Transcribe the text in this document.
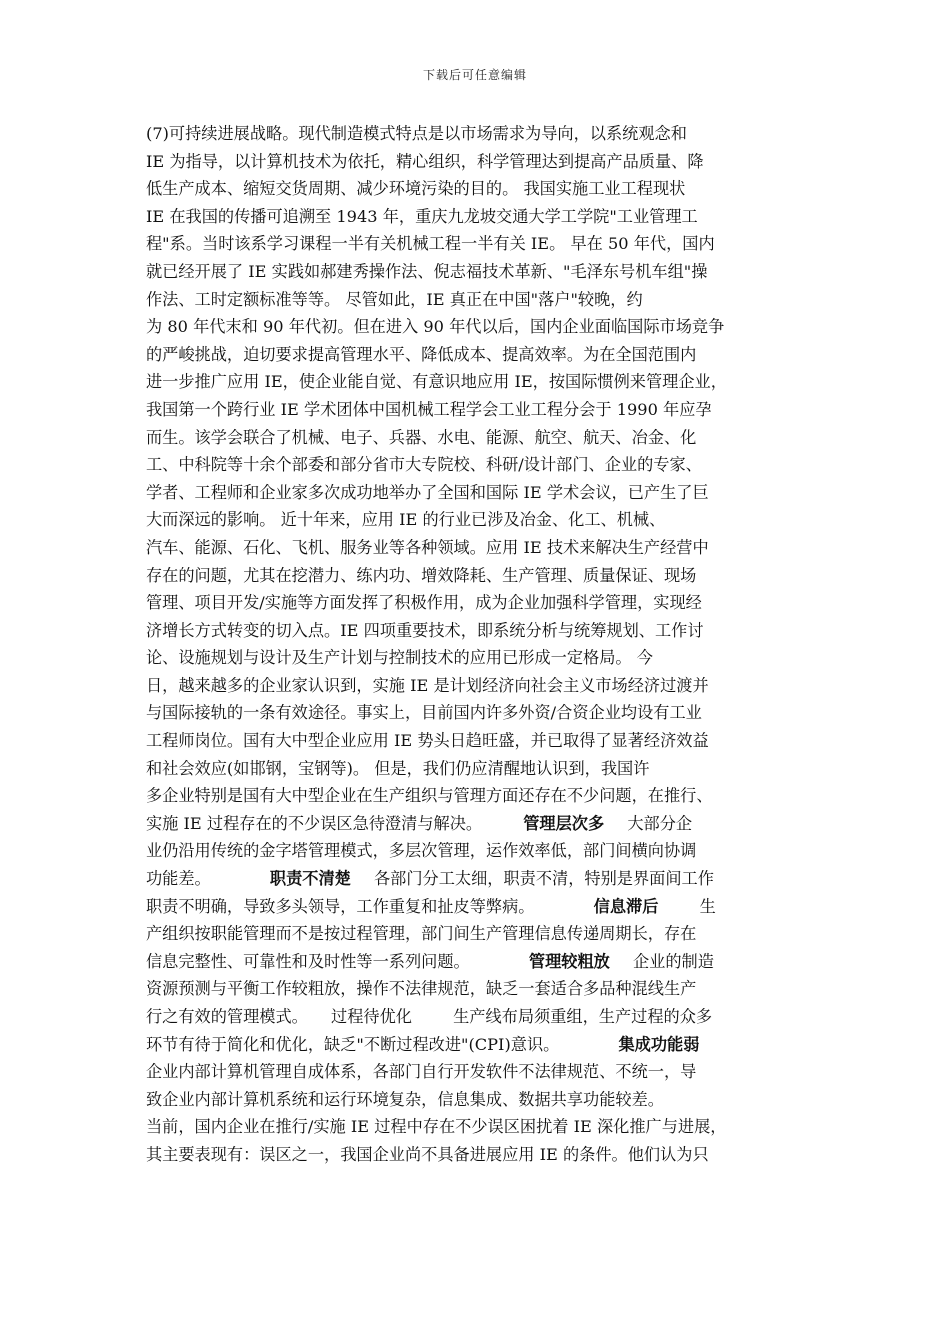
下载后可任意编辑
(7)可持续进展战略。现代制造模式特点是以市场需求为导向，以系统观念和
IE 为指导，以计算机技术为依托，精心组织，科学管理达到提高产品质量、降
低生产成本、缩短交货周期、减少环境污染的目的。 我国实施工业工程现状
IE 在我国的传播可追溯至 1943 年，重庆九龙坡交通大学工学院"工业管理工
程"系。当时该系学习课程一半有关机械工程一半有关 IE。 早在 50 年代，国内
就已经开展了 IE 实践如郝建秀操作法、倪志福技术革新、"毛泽东号机车组"操
作法、工时定额标准等等。 尽管如此，IE 真正在中国"落户"较晚，约
为 80 年代末和 90 年代初。但在进入 90 年代以后，国内企业面临国际市场竞争
的严峻挑战，迫切要求提高管理水平、降低成本、提高效率。为在全国范围内
进一步推广应用 IE，使企业能自觉、有意识地应用 IE，按国际惯例来管理企业，
我国第一个跨行业 IE 学术团体中国机械工程学会工业工程分会于 1990 年应孕
而生。该学会联合了机械、电子、兵器、水电、能源、航空、航天、冶金、化
工、中科院等十余个部委和部分省市大专院校、科研/设计部门、企业的专家、
学者、工程师和企业家多次成功地举办了全国和国际 IE 学术会议，已产生了巨
大而深远的影响。 近十年来，应用 IE 的行业已涉及冶金、化工、机械、
汽车、能源、石化、飞机、服务业等各种领域。应用 IE 技术来解决生产经营中
存在的问题，尤其在挖潜力、练内功、增效降耗、生产管理、质量保证、现场
管理、项目开发/实施等方面发挥了积极作用，成为企业加强科学管理，实现经
济增长方式转变的切入点。IE 四项重要技术，即系统分析与统筹规划、工作讨
论、设施规划与设计及生产计划与控制技术的应用已形成一定格局。 今
日，越来越多的企业家认识到，实施 IE 是计划经济向社会主义市场经济过渡并
与国际接轨的一条有效途径。事实上，目前国内许多外资/合资企业均设有工业
工程师岗位。国有大中型企业应用 IE 势头日趋旺盛，并已取得了显著经济效益
和社会效应(如邯钢，宝钢等)。 但是，我们仍应清醒地认识到，我国许
多企业特别是国有大中型企业在生产组织与管理方面还存在不少问题，在推行、
实施 IE 过程存在的不少误区急待澄清与解决。	管理层次多 大部分企
业仍沿用传统的金字塔管理模式，多层次管理，运作效率低，部门间横向协调
功能差。	职责不清楚 各部门分工太细，职责不清，特别是界面间工作
职责不明确，导致多头领导，工作重复和扯皮等弊病。	信息滞后	生
产组织按职能管理而不是按过程管理，部门间生产管理信息传递周期长，存在
信息完整性、可靠性和及时性等一系列问题。	管理较粗放 企业的制造
资源预测与平衡工作较粗放，操作不法律规范，缺乏一套适合多品种混线生产
行之有效的管理模式。 过程待优化	生产线布局须重组，生产过程的众多
环节有待于简化和优化，缺乏"不断过程改进"(CPI)意识。	集成功能弱
企业内部计算机管理自成体系，各部门自行开发软件不法律规范、不统一，导
致企业内部计算机系统和运行环境复杂，信息集成、数据共享功能较差。
当前，国内企业在推行/实施 IE 过程中存在不少误区困扰着 IE 深化推广与进展，
其主要表现有：误区之一，我国企业尚不具备进展应用 IE 的条件。他们认为只
